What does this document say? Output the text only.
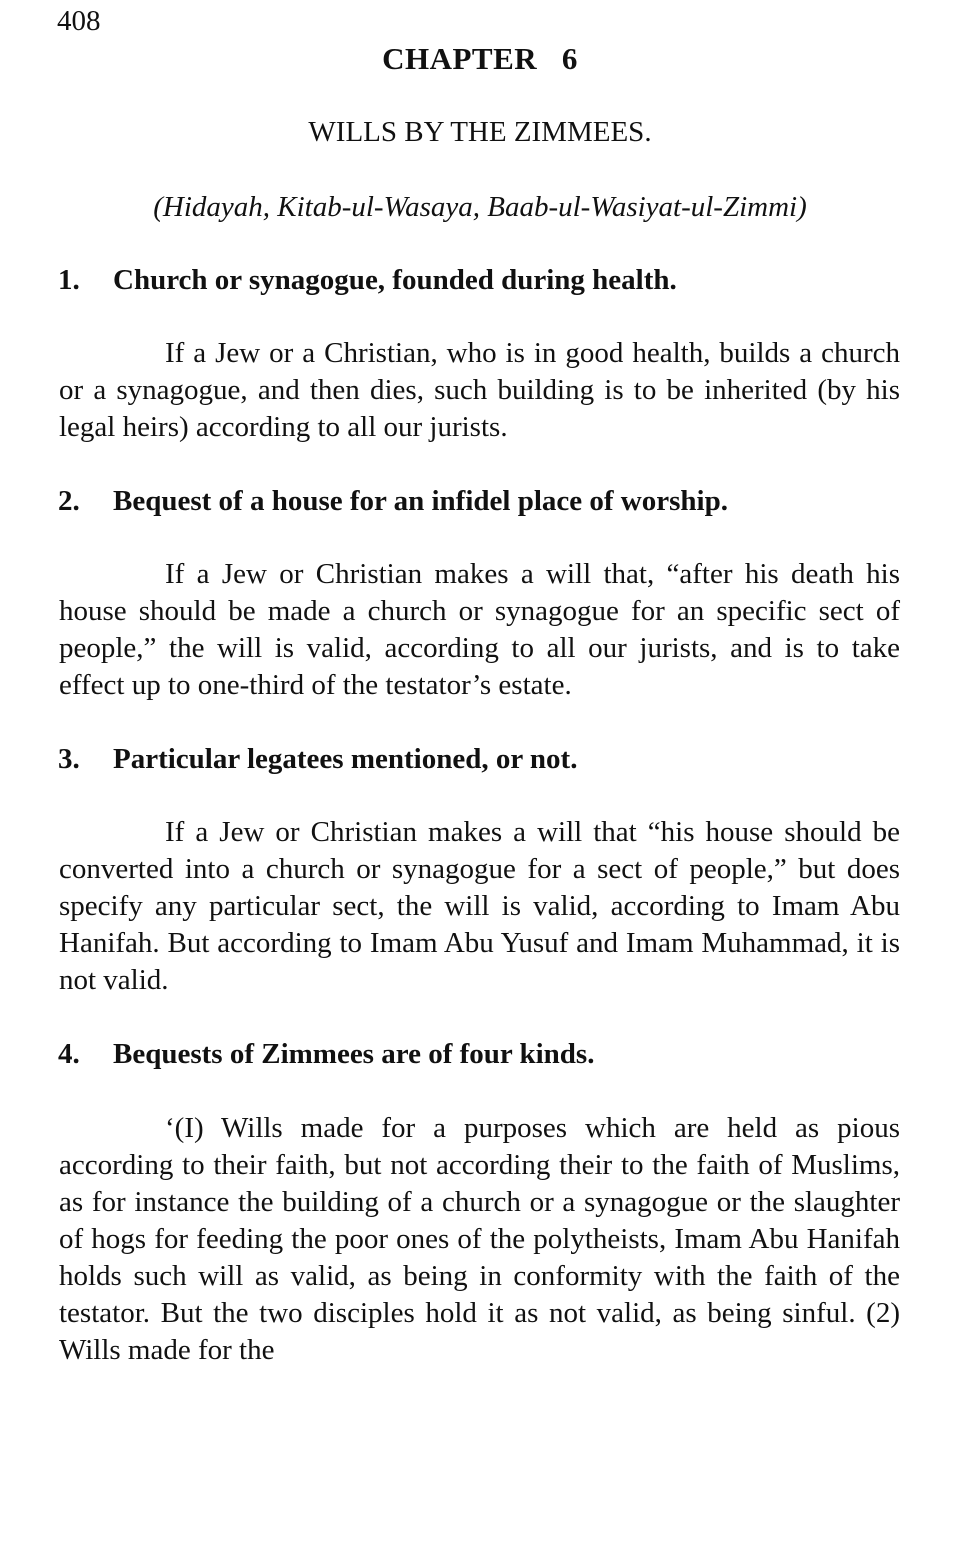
408
CHAPTER   6
WILLS BY THE ZIMMEES.
(Hidayah, Kitab-ul-Wasaya, Baab-ul-Wasiyat-ul-Zimmi)
1. Church or synagogue, founded during health.

If a Jew or a Christian, who is in good health, builds a church or a synagogue, and then dies, such building is to be inherited (by his legal heirs) according to all our jurists.

2. Bequest of a house for an infidel place of worship.

If a Jew or Christian makes a will that, “after his death his house should be made a church or synagogue for an specific sect of people,” the will is valid, according to all our jurists, and is to take effect up to one-third of the testator’s estate.

3. Particular legatees mentioned, or not.

If a Jew or Christian makes a will that “his house should be converted into a church or synagogue for a sect of people,” but does specify any particular sect, the will is valid, according to Imam Abu Hanifah. But according to Imam Abu Yusuf and Imam Muhammad, it is not valid.

4. Bequests of Zimmees are of four kinds.

‘(I) Wills made for a purposes which are held as pious according to their faith, but not according their to the faith of Muslims, as for instance the building of a church or a synagogue or the slaughter of hogs for feeding the poor ones of the polytheists, Imam Abu Hanifah holds such will as valid, as being in conformity with the faith of the testator. But the two disciples hold it as not valid, as being sinful. (2) Wills made for the
